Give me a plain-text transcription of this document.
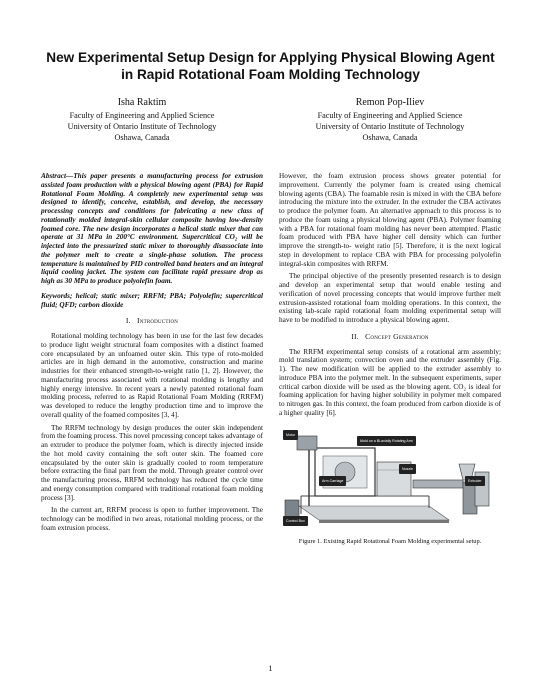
New Experimental Setup Design for Applying Physical Blowing Agent in Rapid Rotational Foam Molding Technology
Isha Raktim
Faculty of Engineering and Applied Science
University of Ontario Institute of Technology
Oshawa, Canada
Remon Pop-Iliev
Faculty of Engineering and Applied Science
University of Ontario Institute of Technology
Oshawa, Canada

Abstract—This paper presents a manufacturing process for extrusion assisted foam production with a physical blowing agent (PBA) for Rapid Rotational Foam Molding. A completely new experimental setup was designed to identify, conceive, establish, and develop, the necessary processing concepts and conditions for fabricating a new class of rotationally molded integral-skin cellular composite having low-density foamed core. The new design incorporates a helical static mixer that can operate at 31 MPa in 200°C environment. Supercritical CO₂ will be injected into the pressurized static mixer to thoroughly disassociate into the polymer melt to create a single-phase solution. The process temperature is maintained by PID controlled band heaters and an integral liquid cooling jacket. The system can facilitate rapid pressure drop as high as 30 MPa to produce polyolefin foam.

Keywords; helical; static mixer; RRFM; PBA; Polyolefin; supercritical fluid; QFD; carbon dioxide

I. Introduction

Rotational molding technology has been in use for the last few decades to produce light weight structural foam composites with a distinct foamed core encapsulated by an unfoamed outer skin. This type of roto-molded articles are in high demand in the automotive, construction and marine industries for their enhanced strength-to-weight ratio [1, 2]. However, the manufacturing process associated with rotational molding is lengthy and highly energy intensive. In recent years a newly patented rotational foam molding process, referred to as Rapid Rotational Foam Molding (RRFM) was developed to reduce the lengthy production time and to improve the overall quality of the foamed composites [3, 4].

The RRFM technology by design produces the outer skin independent from the foaming process. This novel processing concept takes advantage of an extruder to produce the polymer foam, which is directly injected inside the hot mold cavity containing the soft outer skin. The foamed core encapsulated by the outer skin is gradually cooled to room temperature before extracting the final part from the mold. Through greater control over the manufacturing process, RRFM technology has reduced the cycle time and energy consumption compared with traditional rotational foam molding process [3].

In the current art, RRFM process is open to further improvement. The technology can be modified in two areas, rotational molding process, or the foam extrusion process.

However, the foam extrusion process shows greater potential for improvement. Currently the polymer foam is created using chemical blowing agents (CBA). The foamable resin is mixed in with the CBA before introducing the mixture into the extruder. In the extruder the CBA activates to produce the polymer foam. An alternative approach to this process is to produce the foam using a physical blowing agent (PBA). Polymer foaming with a PBA for rotational foam molding has never been attempted. Plastic foam produced with PBA have higher cell density which can further improve the strength-to- weight ratio [5]. Therefore, it is the next logical step in development to replace CBA with PBA for processing polyolefin integral-skin composites with RRFM.

The principal objective of the presently presented research is to design and develop an experimental setup that would enable testing and verification of novel processing concepts that would improve further melt extrusion-assisted rotational foam molding operations. In this context, the existing lab-scale rapid rotational foam molding experimental setup will have to be modified to introduce a physical blowing agent.

II. Concept Generation

The RRFM experimental setup consists of a rotational arm assembly; mold translation system; convection oven and the extruder assembly (Fig. 1). The new modification will be applied to the extruder assembly to introduce PBA into the polymer melt. In the subsequent experiments, super critical carbon dioxide will be used as the blowing agent. CO₂ is ideal for foaming application for having higher solubility in polymer melt compared to nitrogen gas. In this context, the foam produced from carbon dioxide is of a higher quality [6].

Motor
Mold on a Bi-axially Rotating Arm
Arm Carriage
Nozzle
Extruder
Control Box
Figure 1. Existing Rapid Rotational Foam Molding experimental setup.
1
